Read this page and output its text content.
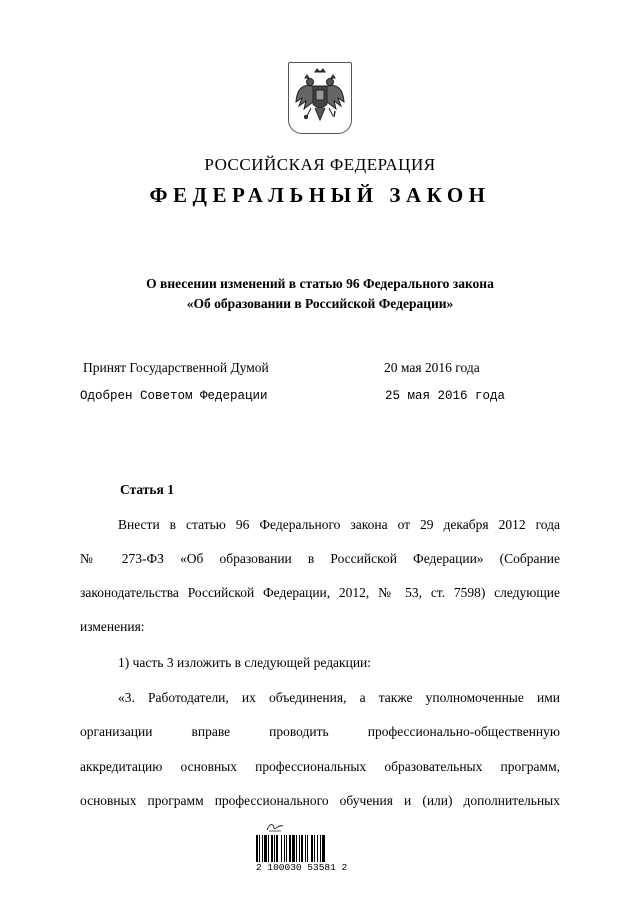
РОССИЙСКАЯ ФЕДЕРАЦИЯ
ФЕДЕРАЛЬНЫЙ ЗАКОН
О внесении изменений в статью 96 Федерального закона
«Об образовании в Российской Федерации»
Принят Государственной Думой	20 мая 2016 года
Одобрен Советом Федерации	25 мая 2016 года
Статья 1
Внести в статью 96 Федерального закона от 29 декабря 2012 года
№ 273-ФЗ «Об образовании в Российской Федерации» (Собрание
законодательства Российской Федерации, 2012, № 53, ст. 7598) следующие
изменения:
1) часть 3 изложить в следующей редакции:
«3. Работодатели, их объединения, а также уполномоченные ими
организации вправе проводить профессионально-общественную
аккредитацию основных профессиональных образовательных программ,
основных программ профессионального обучения и (или) дополнительных
2 100030 53581 2
